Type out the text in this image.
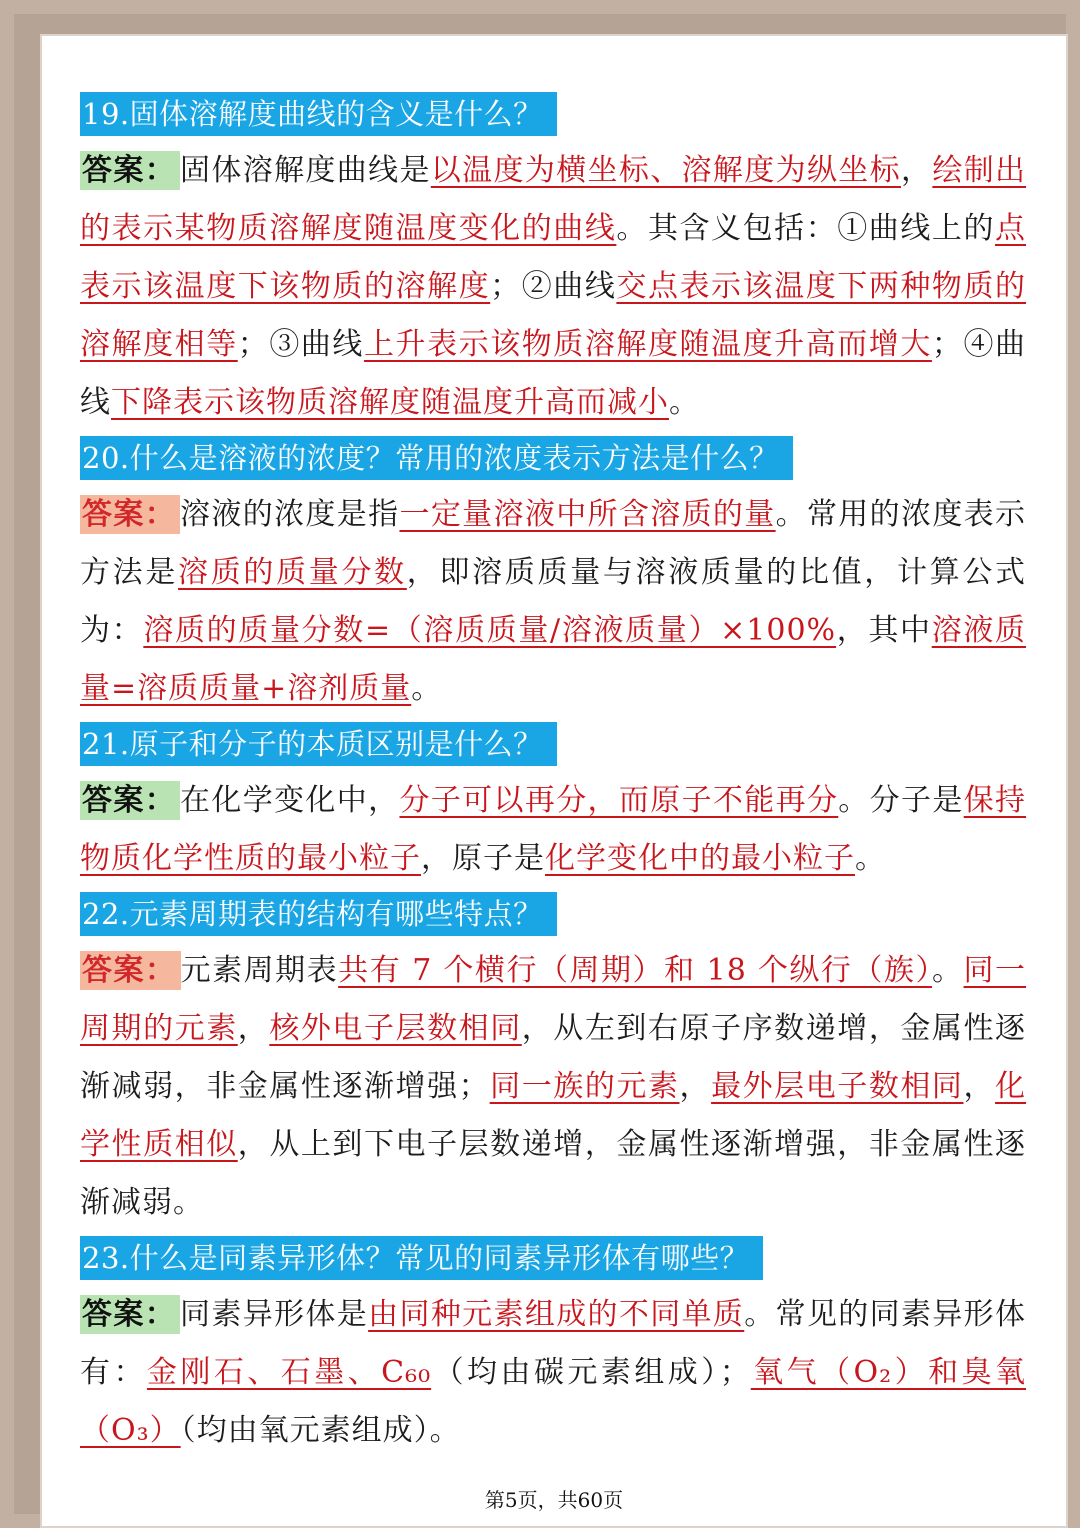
19.固体溶解度曲线的含义是什么？
答案： 固体溶解度曲线是以温度为横坐标、溶解度为纵坐标，绘制出的表示某物质溶解度随温度变化的曲线。其含义包括：①曲线上的点表示该温度下该物质的溶解度；②曲线交点表示该温度下两种物质的溶解度相等；③曲线上升表示该物质溶解度随温度升高而增大；④曲线下降表示该物质溶解度随温度升高而减小。
20.什么是溶液的浓度？常用的浓度表示方法是什么？
答案： 溶液的浓度是指一定量溶液中所含溶质的量。常用的浓度表示方法是溶质的质量分数，即溶质质量与溶液质量的比值，计算公式为：溶质的质量分数=（溶质质量/溶液质量）×100%，其中溶液质量=溶质质量+溶剂质量。
21.原子和分子的本质区别是什么？
答案： 在化学变化中，分子可以再分，而原子不能再分。分子是保持物质化学性质的最小粒子，原子是化学变化中的最小粒子。
22.元素周期表的结构有哪些特点？
答案： 元素周期表共有 7 个横行（周期）和 18 个纵行（族）。同一周期的元素，核外电子层数相同，从左到右原子序数递增，金属性逐渐减弱，非金属性逐渐增强；同一族的元素，最外层电子数相同，化学性质相似，从上到下电子层数递增，金属性逐渐增强，非金属性逐渐减弱。
23.什么是同素异形体？常见的同素异形体有哪些？
答案： 同素异形体是由同种元素组成的不同单质。常见的同素异形体有：金刚石、石墨、C₆₀（均由碳元素组成）；氧气（O₂）和臭氧（O₃）（均由氧元素组成）。
第5页，共60页
